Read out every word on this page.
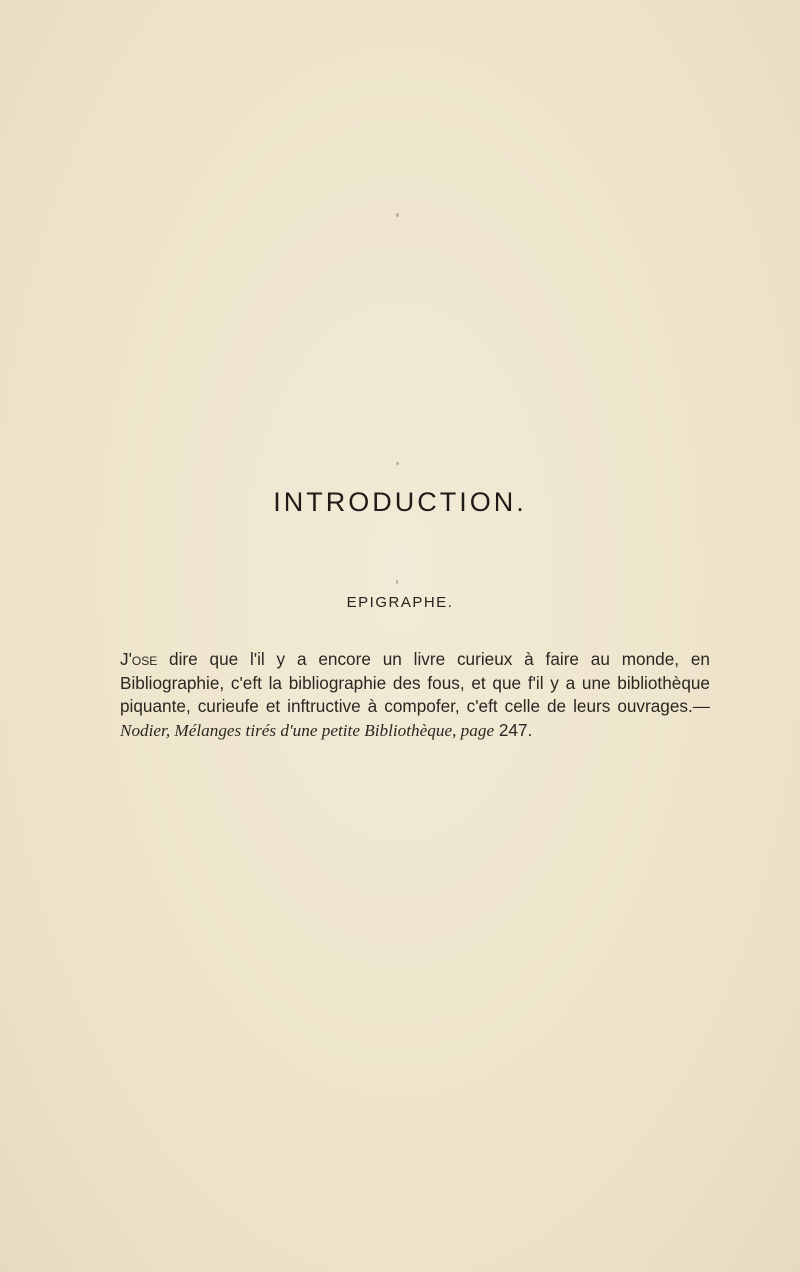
INTRODUCTION.
EPIGRAPHE.
J'ose dire que l'il y a encore un livre curieux à faire au monde, en Bibliographie, c'eft la bibliographie des fous, et que f'il y a une bibliothèque piquante, curieufe et inftructive à compofer, c'eft celle de leurs ouvrages.—Nodier, Mélanges tirés d'une petite Bibliothèque, page 247.
